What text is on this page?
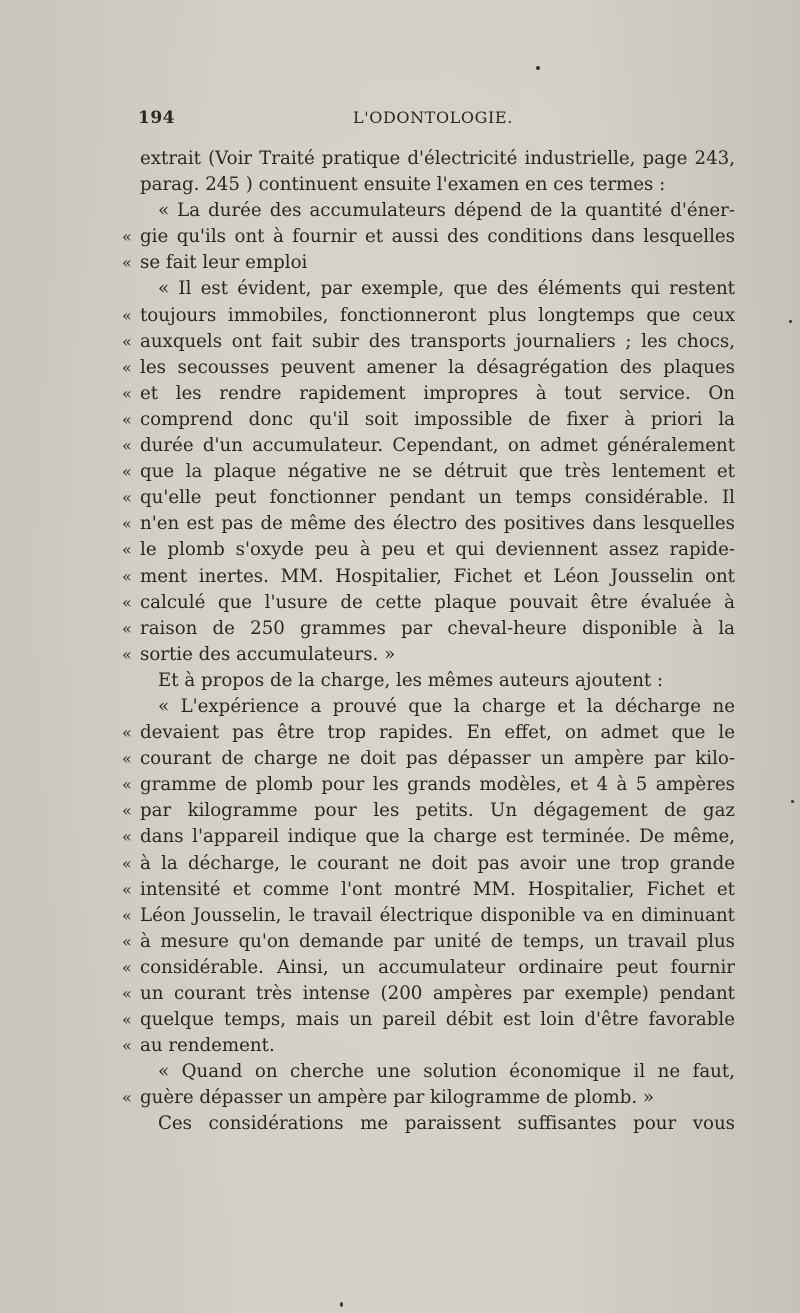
194	L'ODONTOLOGIE.
extrait (Voir Traité pratique d'électricité industrielle, page 243,
parag. 245 ) continuent ensuite l'examen en ces termes :
« La durée des accumulateurs dépend de la quantité d'éner-
« gie qu'ils ont à fournir et aussi des conditions dans lesquelles
« se fait leur emploi
« Il est évident, par exemple, que des éléments qui restent
« toujours immobiles, fonctionneront plus longtemps que ceux
« auxquels ont fait subir des transports journaliers ; les chocs,
« les secousses peuvent amener la désagrégation des plaques
« et les rendre rapidement impropres à tout service. On
« comprend donc qu'il soit impossible de fixer à priori la
« durée d'un accumulateur. Cependant, on admet généralement
« que la plaque négative ne se détruit que très lentement et
« qu'elle peut fonctionner pendant un temps considérable. Il
« n'en est pas de même des électro des positives dans lesquelles
« le plomb s'oxyde peu à peu et qui deviennent assez rapide-
« ment inertes. MM. Hospitalier, Fichet et Léon Jousselin ont
« calculé que l'usure de cette plaque pouvait être évaluée à
« raison de 250 grammes par cheval-heure disponible à la
« sortie des accumulateurs. »
Et à propos de la charge, les mêmes auteurs ajoutent :
« L'expérience a prouvé que la charge et la décharge ne
« devaient pas être trop rapides. En effet, on admet que le
« courant de charge ne doit pas dépasser un ampère par kilo-
« gramme de plomb pour les grands modèles, et 4 à 5 ampères
« par kilogramme pour les petits. Un dégagement de gaz
« dans l'appareil indique que la charge est terminée. De même,
« à la décharge, le courant ne doit pas avoir une trop grande
« intensité et comme l'ont montré MM. Hospitalier, Fichet et
« Léon Jousselin, le travail électrique disponible va en diminuant
« à mesure qu'on demande par unité de temps, un travail plus
« considérable. Ainsi, un accumulateur ordinaire peut fournir
« un courant très intense (200 ampères par exemple) pendant
« quelque temps, mais un pareil débit est loin d'être favorable
« au rendement.
« Quand on cherche une solution économique il ne faut,
« guère dépasser un ampère par kilogramme de plomb. »
Ces considérations me paraissent suffisantes pour vous
